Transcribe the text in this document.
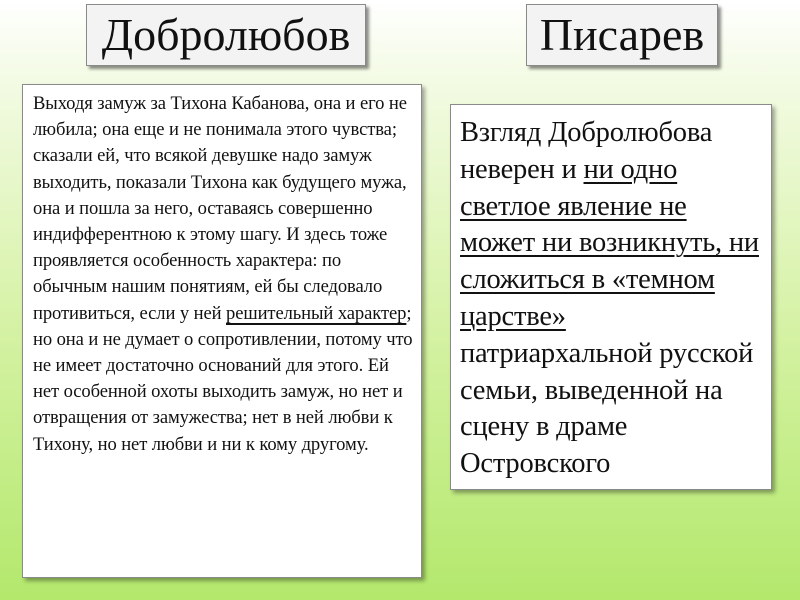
Добролюбов	Писарев
Выходя замуж за Тихона Кабанова, она и его не любила; она еще и не понимала этого чувства; сказали ей, что всякой девушке надо замуж выходить, показали Тихона как будущего мужа, она и пошла за него, оставаясь совершенно индифферентною к этому шагу. И здесь тоже проявляется особенность характера: по обычным нашим понятиям, ей бы следовало противиться, если у ней решительный характер; но она и не думает о сопротивлении, потому что не имеет достаточно оснований для этого. Ей нет особенной охоты выходить замуж, но нет и отвращения от замужества; нет в ней любви к Тихону, но нет любви и ни к кому другому.
Взгляд Добролюбова неверен и ни одно светлое явление не может ни возникнуть, ни сложиться в «темном царстве» патриархальной русской семьи, выведенной на сцену в драме Островского
